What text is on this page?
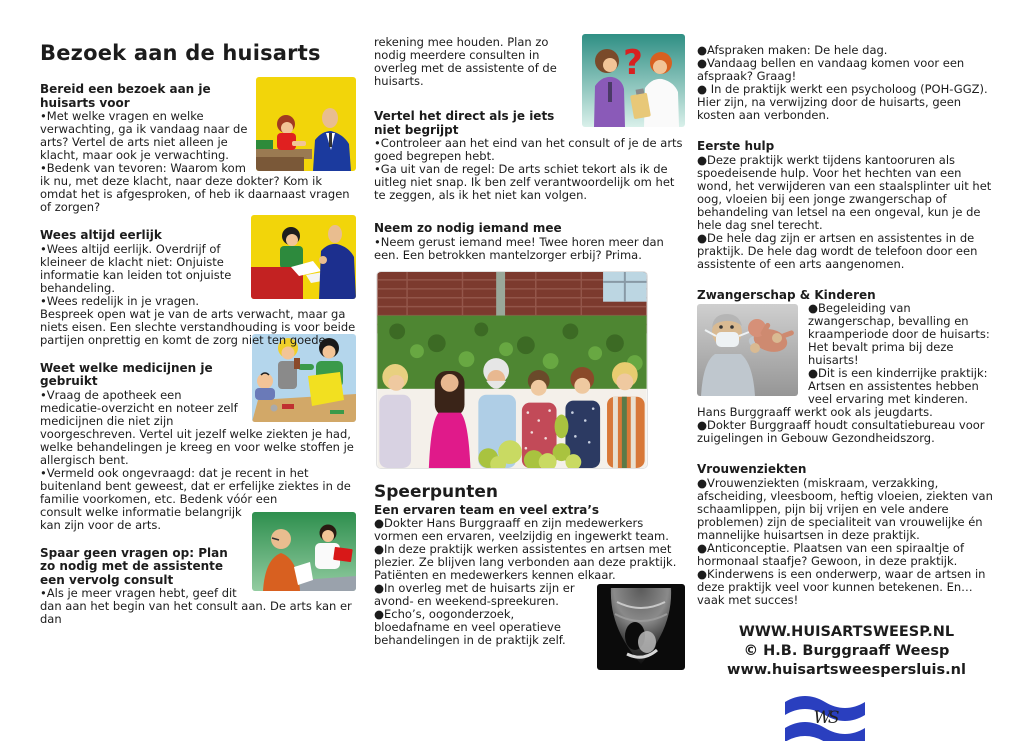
Bezoek aan de huisarts
Bereid een bezoek aan je huisarts voor

•Met welke vragen en welke verwachting, ga ik vandaag naar de arts? Vertel de arts niet alleen je klacht, maar ook je verwachting.

•Bedenk van tevoren: Waarom kom ik nu, met deze klacht, naar deze dokter? Kom ik omdat het is afgesproken, of heb ik daarnaast vragen of zorgen?

Wees altijd eerlijk

•Wees altijd eerlijk. Overdrijf of kleineer de klacht niet: Onjuiste informatie kan leiden tot onjuiste behandeling.

•Wees redelijk in je vragen. Bespreek open wat je van de arts verwacht, maar ga niets eisen. Een slechte verstandhouding is voor beide partijen onprettig en komt de zorg niet ten goede.

Weet welke medicijnen je gebruikt

•Vraag de apotheek een medicatie-overzicht en noteer zelf medicijnen die niet zijn voorgeschreven. Vertel uit jezelf welke ziekten je had, welke behandelingen je kreeg en voor welke stoffen je allergisch bent.

•Vermeld ook ongevraagd: dat je recent in het buitenland bent geweest, dat er erfelijke ziektes in de familie voorkomen, etc. Bedenk vóór een

consult welke informatie belangrijk kan zijn voor de arts.

Spaar geen vragen op: Plan zo nodig met de assistente een vervolg consult

•Als je meer vragen hebt, geef dit dan aan het begin van het consult aan. De arts kan er dan

?

rekening mee houden. Plan zo nodig meerdere consulten in overleg met de assistente of de huisarts.

Vertel het direct als je iets niet begrijpt

•Controleer aan het eind van het consult of je de arts goed begrepen hebt.

•Ga uit van de regel: De arts schiet tekort als ik de uitleg niet snap. Ik ben zelf verantwoordelijk om het te zeggen, als ik het niet kan volgen.

Neem zo nodig iemand mee

•Neem gerust iemand mee! Twee horen meer dan een. Een betrokken mantelzorger erbij? Prima.

Speerpunten
Een ervaren team en veel extra’s

●Dokter Hans Burggraaff en zijn medewerkers vormen een ervaren, veelzijdig en ingewerkt team.

●In deze praktijk werken assistentes en artsen met plezier. Ze blijven lang verbonden aan deze praktijk. Patiënten en medewerkers kennen elkaar.

●In overleg met de huisarts zijn er avond- en weekend-spreekuren.

●Echo’s, oogonderzoek, bloedafname en veel operatieve behandelingen in de praktijk zelf.

●Afspraken maken: De hele dag.

●Vandaag bellen en vandaag komen voor een afspraak? Graag!

● In de praktijk werkt een psycholoog (POH-GGZ). Hier zijn, na verwijzing door de huisarts, geen kosten aan verbonden.

Eerste hulp

●Deze praktijk werkt tijdens kantooruren als spoedeisende hulp. Voor het hechten van een wond, het verwijderen van een staalsplinter uit het oog, vloeien bij een jonge zwangerschap of behandeling van letsel na een ongeval, kun je de hele dag snel terecht.

●De hele dag zijn er artsen en assistentes in de praktijk. De hele dag wordt de telefoon door een assistente of een arts aangenomen.

Zwangerschap & Kinderen

●Begeleiding van zwangerschap, bevalling en kraamperiode door de huisarts: Het bevalt prima bij deze huisarts!

●Dit is een kinderrijke praktijk: Artsen en assistentes hebben veel ervaring met kinderen.

Hans Burggraaff werkt ook als jeugdarts.

●Dokter Burggraaff houdt consultatiebureau voor zuigelingen in Gebouw Gezondheidszorg.

Vrouwenziekten

●Vrouwenziekten (miskraam, verzakking, afscheiding, vleesboom, heftig vloeien, ziekten van schaamlippen, pijn bij vrijen en vele andere problemen) zijn de specialiteit van vrouwelijke én mannelijke huisartsen in deze praktijk.

●Anticonceptie. Plaatsen van een spiraaltje of hormonaal staafje? Gewoon, in deze praktijk.

●Kinderwens is een onderwerp, waar de artsen in deze praktijk veel voor kunnen betekenen. En… vaak met succes!

WWW.HUISARTSWEESP.NL
© H.B. Burggraaff Weesp
www.huisartsweespersluis.nl
WS
